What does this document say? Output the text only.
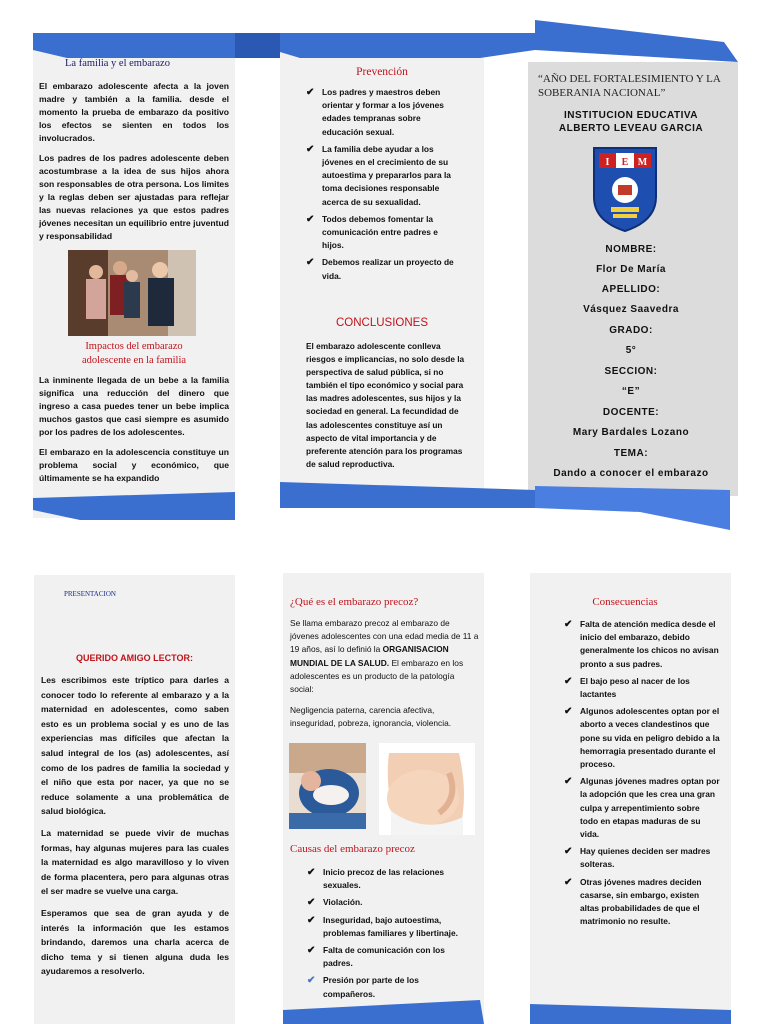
La familia y el embarazo

El embarazo adolescente afecta a la joven madre y también a la familia. desde el momento la prueba de embarazo da positivo los efectos se sienten en todos los involucrados.

Los padres de los padres adolescente deben acostumbrase a la idea de sus hijos ahora son responsables de otra persona. Los limites y la reglas deben ser ajustadas para reflejar las nuevas relaciones ya que estos padres jóvenes necesitan un equilibrio entre juventud y responsabilidad

Impactos del embarazo adolescente en la familia

La inminente llegada de un bebe a la familia significa una reducción del dinero que ingreso a casa puedes tener un bebe implica muchos gastos que casi siempre es asumido por los padres de los adolescentes.

El embarazo en la adolescencia constituye un problema social y económico, que últimamente se ha expandido

Prevención
✔ Los padres y maestros deben orientar y formar a los jóvenes edades tempranas sobre educación sexual.
✔ La familia debe ayudar a los jóvenes en el crecimiento de su autoestima y prepararlos para la toma decisiones responsable acerca de su sexualidad.
✔ Todos debemos fomentar la comunicación entre padres e hijos.
✔ Debemos realizar un proyecto de vida.
CONCLUSIONES

El embarazo adolescente conlleva riesgos e implicancias, no solo desde la perspectiva de salud pública, si no también el tipo económico y social para las madres adolescentes, sus hijos y la sociedad en general. La fecundidad de las adolescentes constituye así un aspecto de vital importancia y de preferente atención para los programas de salud reproductiva.

“AÑO DEL FORTALESIMIENTO Y LA SOBERANIA NACIONAL”
INSTITUCION EDUCATIVA
ALBERTO LEVEAU GARCIA
I E M
NOMBRE:
Flor De María
APELLIDO:
Vásquez Saavedra
GRADO:
5°
SECCION:
“E”
DOCENTE:
Mary Bardales Lozano
TEMA:
Dando a conocer el embarazo
PRESENTACION
QUERIDO AMIGO LECTOR:

Les escribimos este tríptico para darles a conocer todo lo referente al embarazo y a la maternidad en adolescentes, como saben esto es un problema social y es uno de las experiencias mas difíciles que afectan la salud integral de los (as) adolescentes, así como de los padres de familia la sociedad y el niño que esta por nacer, ya que no se reduce solamente a una problemática de salud biológica.

La maternidad se puede vivir de muchas formas, hay algunas mujeres para las cuales la maternidad es algo maravilloso y lo viven de forma placentera, pero para algunas otras el ser madre se vuelve una carga.

Esperamos que sea de gran ayuda y de interés la información que les estamos brindando, daremos una charla acerca de dicho tema y si tienen alguna duda les ayudaremos a resolverlo.

¿Qué es el embarazo precoz?

Se llama embarazo precoz al embarazo de jóvenes adolescentes con una edad media de 11 a 19 años, así lo definió la ORGANISACION MUNDIAL DE LA SALUD. El embarazo en los adolescentes es un producto de la patología social:

Negligencia paterna, carencia afectiva, inseguridad, pobreza, ignorancia, violencia.

Causas del embarazo precoz
✔ Inicio precoz de las relaciones sexuales.
✔ Violación.
✔ Inseguridad, bajo autoestima, problemas familiares y libertinaje.
✔ Falta de comunicación con los padres.
✔ Presión por parte de los compañeros.
Consecuencias
✔ Falta de atención medica desde el inicio del embarazo, debido generalmente los chicos no avisan pronto a sus padres.
✔ El bajo peso al nacer de los lactantes
✔ Algunos adolescentes optan por el aborto a veces clandestinos que pone su vida en peligro debido a la hemorragia presentado durante el proceso.
✔ Algunas jóvenes madres optan por la adopción que les crea una gran culpa y arrepentimiento sobre todo en etapas maduras de su vida.
✔ Hay quienes deciden ser madres solteras.
✔ Otras jóvenes madres deciden casarse, sin embargo, existen altas probabilidades de que el matrimonio no resulte.
